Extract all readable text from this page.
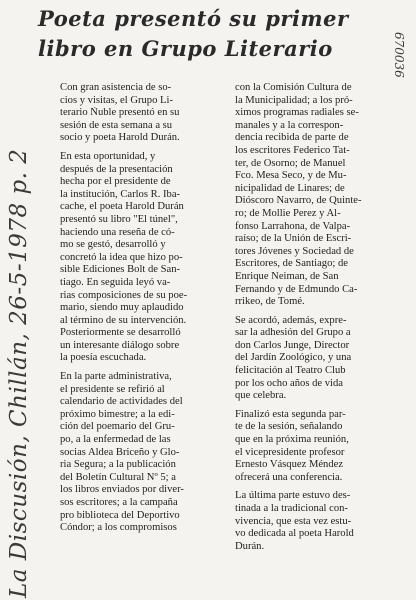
Poeta presentó su primer
libro en Grupo Literario
La Discusión, Chillán, 26-5-1978 p. 2
670036

Con gran asistencia de so-
cios y visitas, el Grupo Li-
terario Ñuble presentó en su
sesión de esta semana a su
socio y poeta Harold Durán.

En esta oportunidad, y
después de la presentación
hecha por el presidente de
la institución, Carlos R. Iba-
cache, el poeta Harold Durán
presentó su libro "El túnel",
haciendo una reseña de có-
mo se gestó, desarrolló y
concretó la idea que hizo po-
sible Ediciones Bolt de San-
tiago. En seguida leyó va-
rias composiciones de su poe-
mario, siendo muy aplaudido
al término de su intervención.
Posteriormente se desarrolló
un interesante diálogo sobre
la poesía escuchada.

En la parte administrativa,
el presidente se refirió al
calendario de actividades del
próximo bimestre; a la edi-
ción del poemario del Gru-
po, a la enfermedad de las
socias Aldea Briceño y Glo-
ria Segura; a la publicación
del Boletín Cultural Nº 5; a
los libros enviados por diver-
sos escritores; a la campaña
pro biblioteca del Deportivo
Cóndor; a los compromisos

con la Comisión Cultura de
la Municipalidad; a los pró-
ximos programas radiales se-
manales y a la correspon-
dencia recibida de parte de
los escritores Federico Tat-
ter, de Osorno; de Manuel
Fco. Mesa Seco, y de Mu-
nicipalidad de Linares; de
Dióscoro Navarro, de Quinte-
ro; de Mollie Perez y Al-
fonso Larrahona, de Valpa-
raíso; de la Unión de Escri-
tores Jóvenes y Sociedad de
Escritores, de Santiago; de
Enrique Neiman, de San
Fernando y de Edmundo Ca-
rrikeo, de Tomé.

Se acordó, además, expre-
sar la adhesión del Grupo a
don Carlos Junge, Director
del Jardín Zoológico, y una
felicitación al Teatro Club
por los ocho años de vida
que celebra.

Finalizó esta segunda par-
te de la sesión, señalando
que en la próxima reunión,
el vicepresidente profesor
Ernesto Vásquez Méndez
ofrecerá una conferencia.

La última parte estuvo des-
tinada a la tradicional con-
vivencia, que esta vez estu-
vo dedicada al poeta Harold
Durán.
